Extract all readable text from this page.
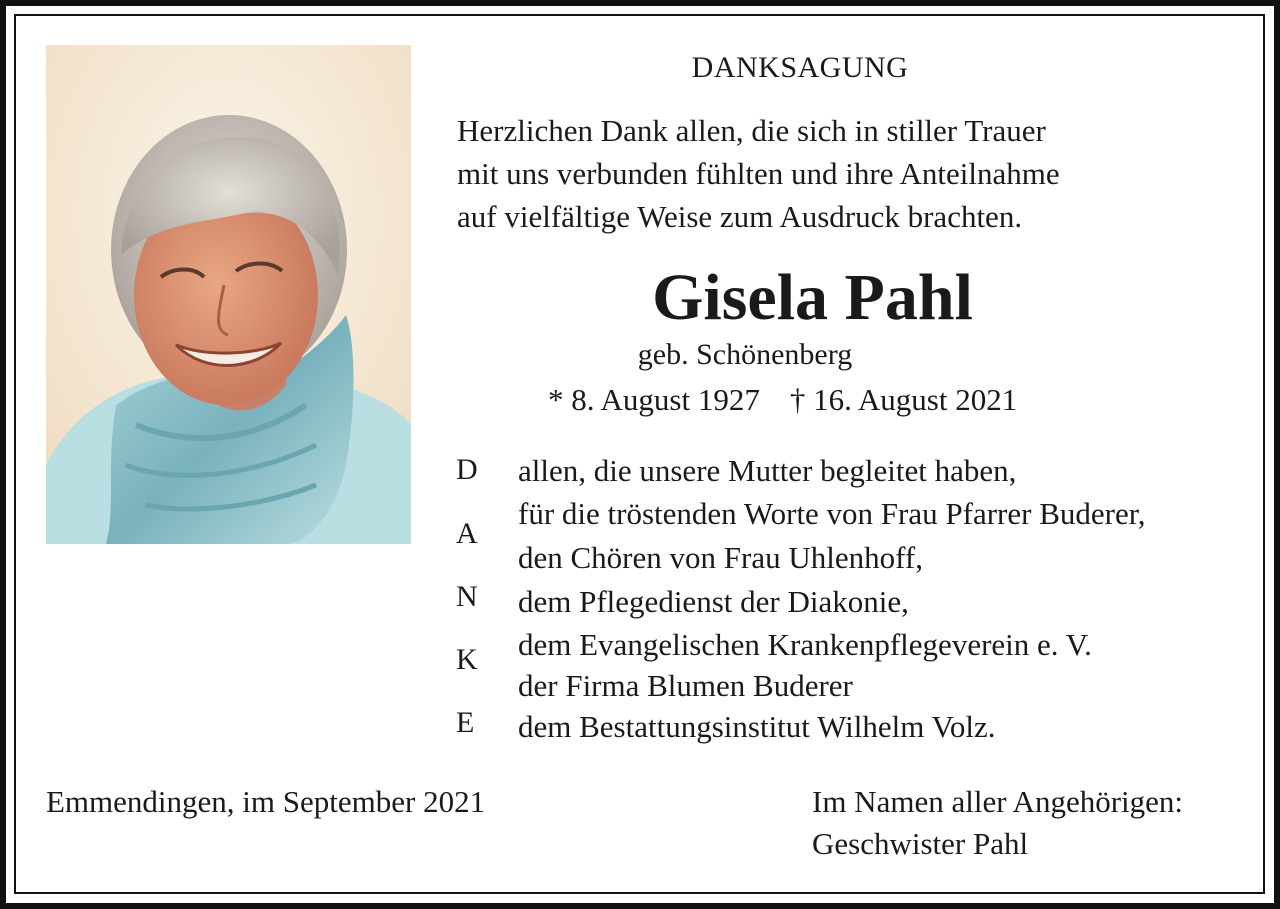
DANKSAGUNG
Herzlichen Dank allen, die sich in stiller Trauer
mit uns verbunden fühlten und ihre Anteilnahme
auf vielfältige Weise zum Ausdruck brachten.
Gisela Pahl
geb. Schönenberg
* 8. August 1927 † 16. August 2021
D
A
N
K
E
allen, die unsere Mutter begleitet haben,
für die tröstenden Worte von Frau Pfarrer Buderer,
den Chören von Frau Uhlenhoff,
dem Pflegedienst der Diakonie,
dem Evangelischen Krankenpflegeverein e. V.
der Firma Blumen Buderer
dem Bestattungsinstitut Wilhelm Volz.
Emmendingen, im September 2021	Im Namen aller Angehörigen:
Geschwister Pahl
